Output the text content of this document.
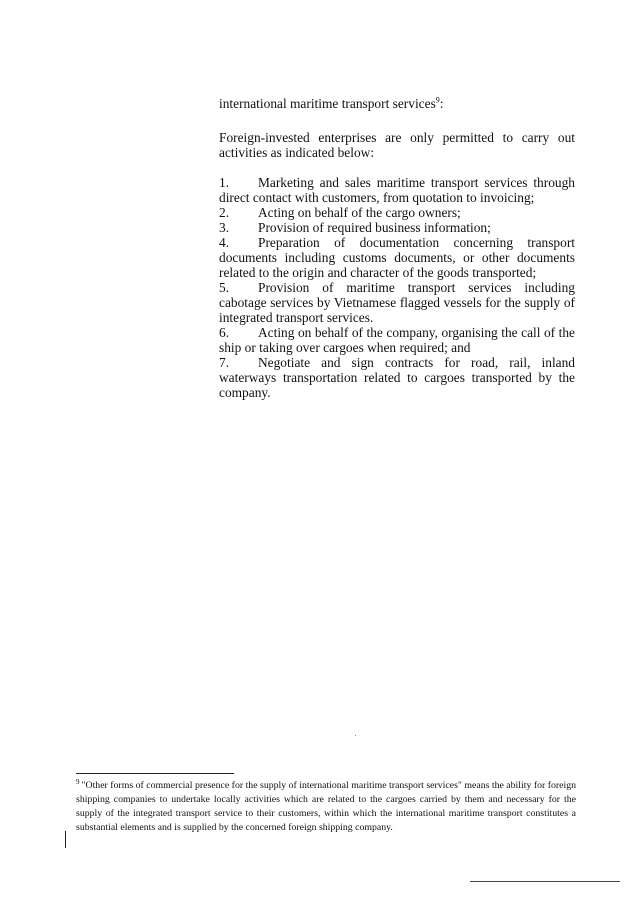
international maritime transport services$^9$:
Foreign-invested enterprises are only permitted to carry out activities as indicated below:
1. Marketing and sales maritime transport services through direct contact with customers, from quotation to invoicing;
2. Acting on behalf of the cargo owners;
3. Provision of required business information;
4. Preparation of documentation concerning transport documents including customs documents, or other documents related to the origin and character of the goods transported;
5. Provision of maritime transport services including cabotage services by Vietnamese flagged vessels for the supply of integrated transport services.
6. Acting on behalf of the company, organising the call of the ship or taking over cargoes when required; and
7. Negotiate and sign contracts for road, rail, inland waterways transportation related to cargoes transported by the company.
$^9$ "Other forms of commercial presence for the supply of international maritime transport services" means the ability for foreign shipping companies to undertake locally activities which are related to the cargoes carried by them and necessary for the supply of the integrated transport service to their customers, within which the international maritime transport constitutes a substantial elements and is supplied by the concerned foreign shipping company.
